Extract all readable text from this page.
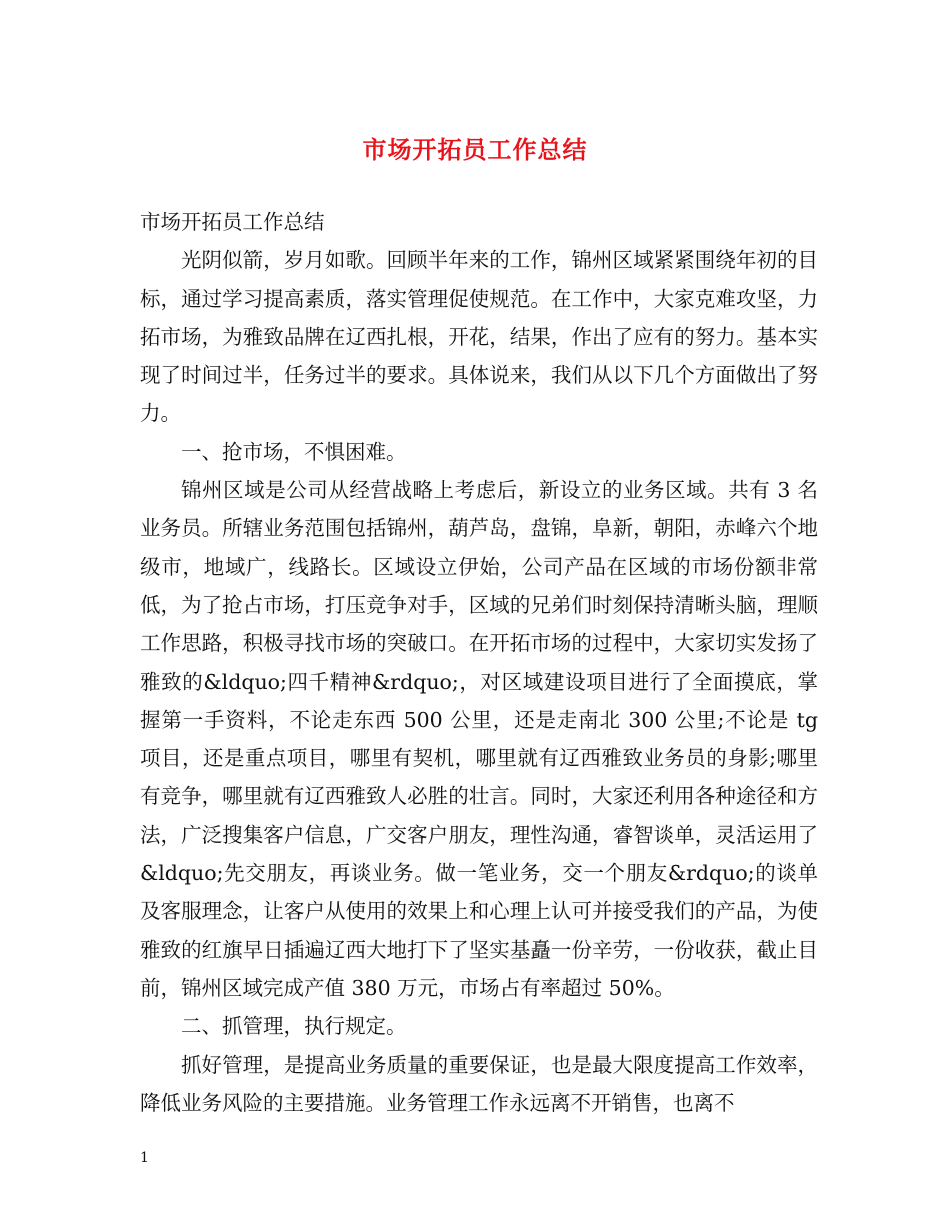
市场开拓员工作总结

市场开拓员工作总结

光阴似箭，岁月如歌。回顾半年来的工作，锦州区域紧紧围绕年初的目标，通过学习提高素质，落实管理促使规范。在工作中，大家克难攻坚，力拓市场，为雅致品牌在辽西扎根，开花，结果，作出了应有的努力。基本实现了时间过半，任务过半的要求。具体说来，我们从以下几个方面做出了努力。

一、抢市场，不惧困难。

锦州区域是公司从经营战略上考虑后，新设立的业务区域。共有 3 名业务员。所辖业务范围包括锦州，葫芦岛，盘锦，阜新，朝阳，赤峰六个地级市，地域广，线路长。区域设立伊始，公司产品在区域的市场份额非常低，为了抢占市场，打压竞争对手，区域的兄弟们时刻保持清晰头脑，理顺工作思路，积极寻找市场的突破口。在开拓市场的过程中，大家切实发扬了雅致的&ldquo;四千精神&rdquo;，对区域建设项目进行了全面摸底，掌握第一手资料，不论走东西 500 公里，还是走南北 300 公里;不论是 tg 项目，还是重点项目，哪里有契机，哪里就有辽西雅致业务员的身影;哪里有竞争，哪里就有辽西雅致人必胜的壮言。同时，大家还利用各种途径和方法，广泛搜集客户信息，广交客户朋友，理性沟通，睿智谈单，灵活运用了&ldquo;先交朋友，再谈业务。做一笔业务，交一个朋友&rdquo;的谈单及客服理念，让客户从使用的效果上和心理上认可并接受我们的产品，为使雅致的红旗早日插遍辽西大地打下了坚实基矗一份辛劳，一份收获，截止目前，锦州区域完成产值 380 万元，市场占有率超过 50%。

二、抓管理，执行规定。

抓好管理，是提高业务质量的重要保证，也是最大限度提高工作效率，降低业务风险的主要措施。业务管理工作永远离不开销售，也离不

1
